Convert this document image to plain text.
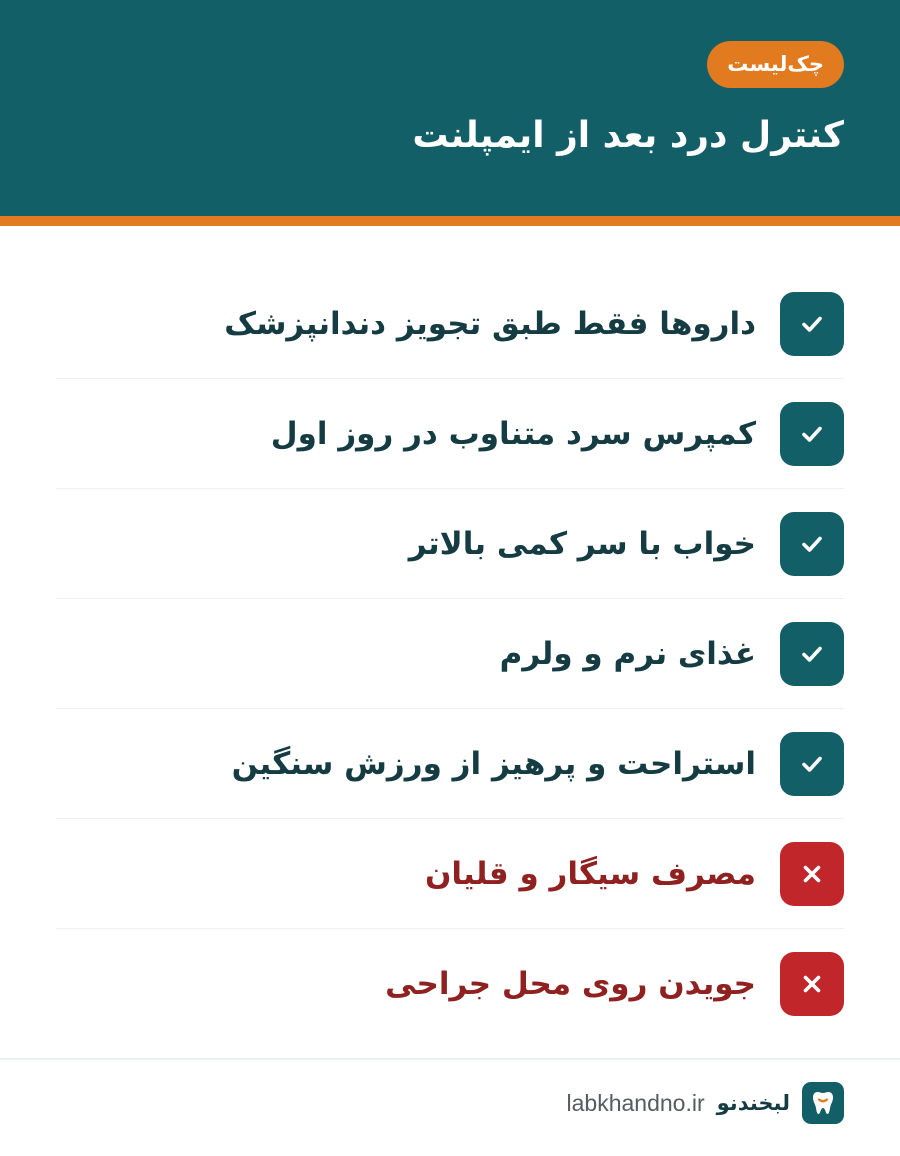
چک‌لیست
کنترل درد بعد از ایمپلنت
داروها فقط طبق تجویز دندانپزشک
کمپرس سرد متناوب در روز اول
خواب با سر کمی بالاتر
غذای نرم و ولرم
استراحت و پرهیز از ورزش سنگین
مصرف سیگار و قلیان
جویدن روی محل جراحی
لبخندنو
labkhandno.ir
